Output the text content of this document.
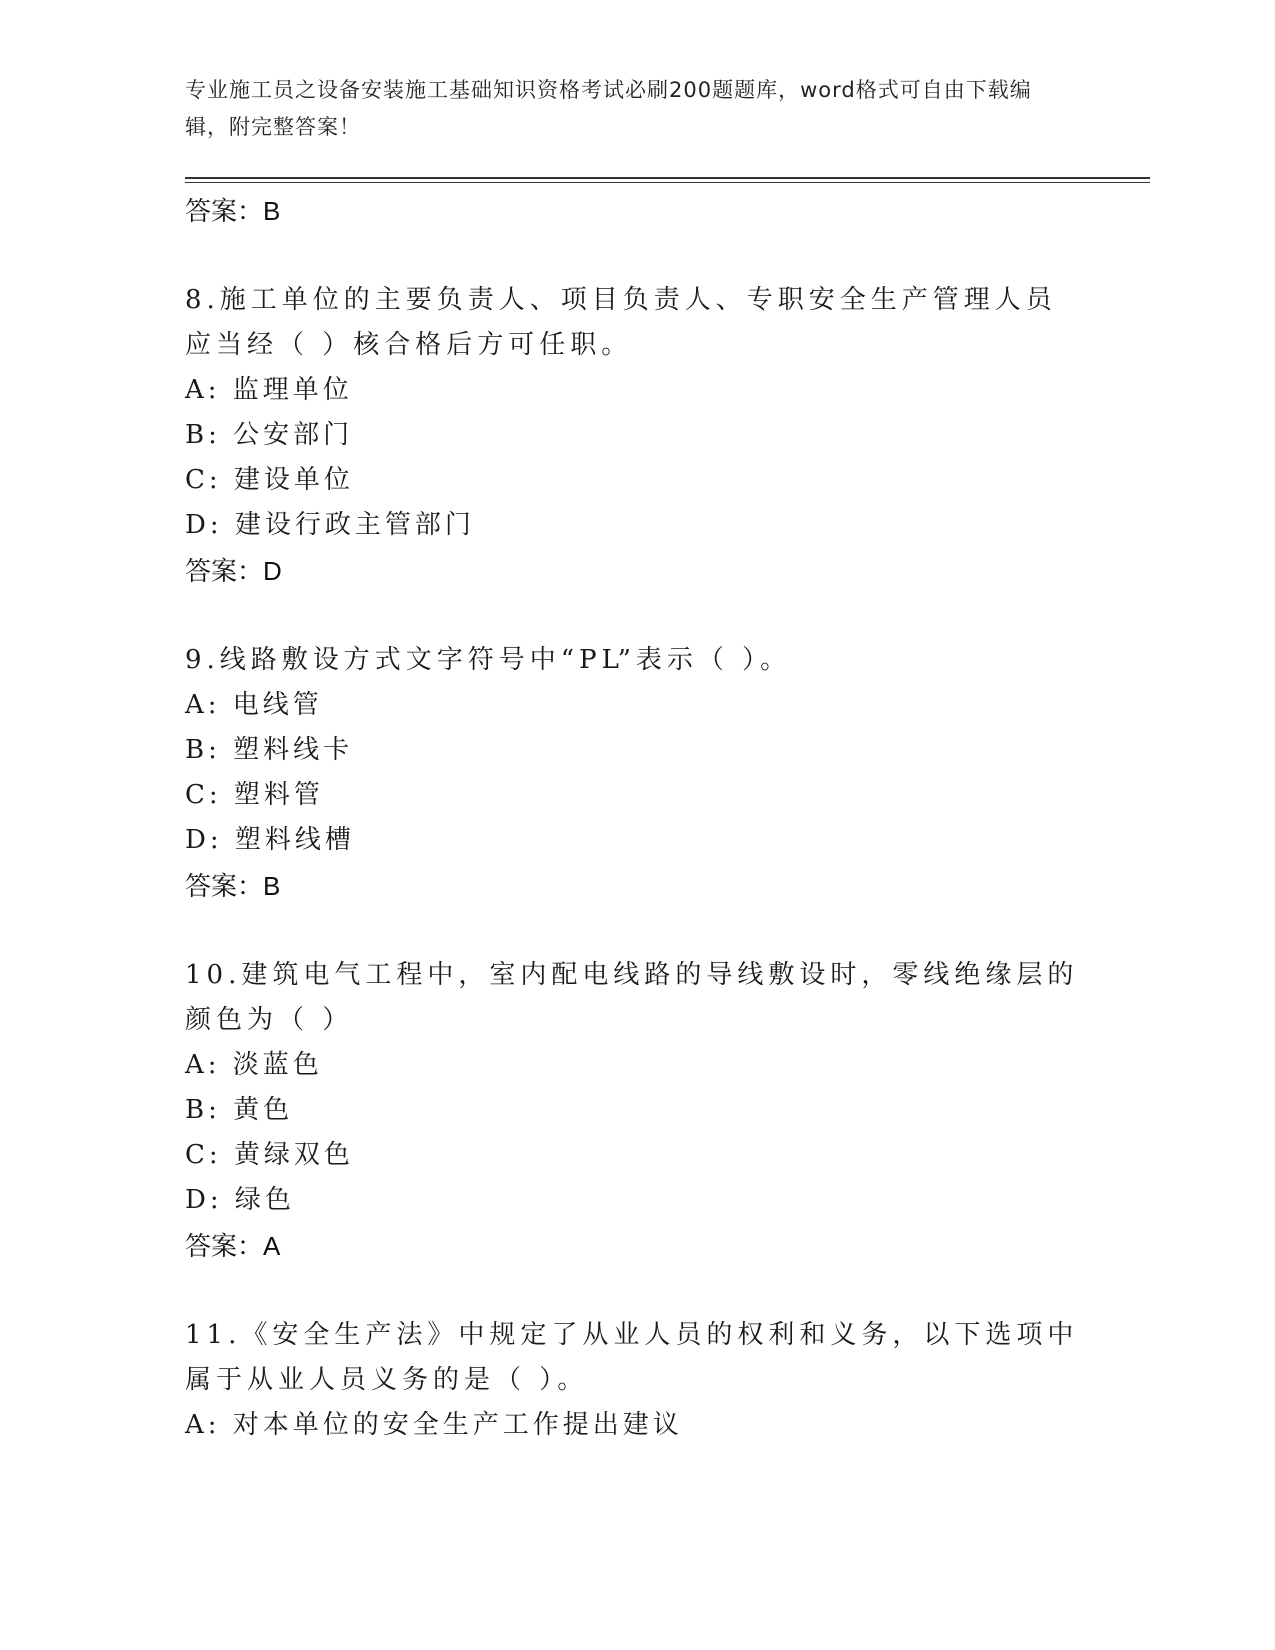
专业施工员之设备安装施工基础知识资格考试必刷200题题库，word格式可自由下载编辑，附完整答案！
答案：B
8.施工单位的主要负责人、项目负责人、专职安全生产管理人员应当经（ ）核合格后方可任职。
A: 监理单位
B: 公安部门
C: 建设单位
D: 建设行政主管部门
答案：D
9.线路敷设方式文字符号中“PL”表示（ ）。
A: 电线管
B: 塑料线卡
C: 塑料管
D: 塑料线槽
答案：B
10.建筑电气工程中，室内配电线路的导线敷设时，零线绝缘层的颜色为（ ）
A: 淡蓝色
B: 黄色
C: 黄绿双色
D: 绿色
答案：A
11.《安全生产法》中规定了从业人员的权利和义务，以下选项中属于从业人员义务的是（ ）。
A: 对本单位的安全生产工作提出建议
